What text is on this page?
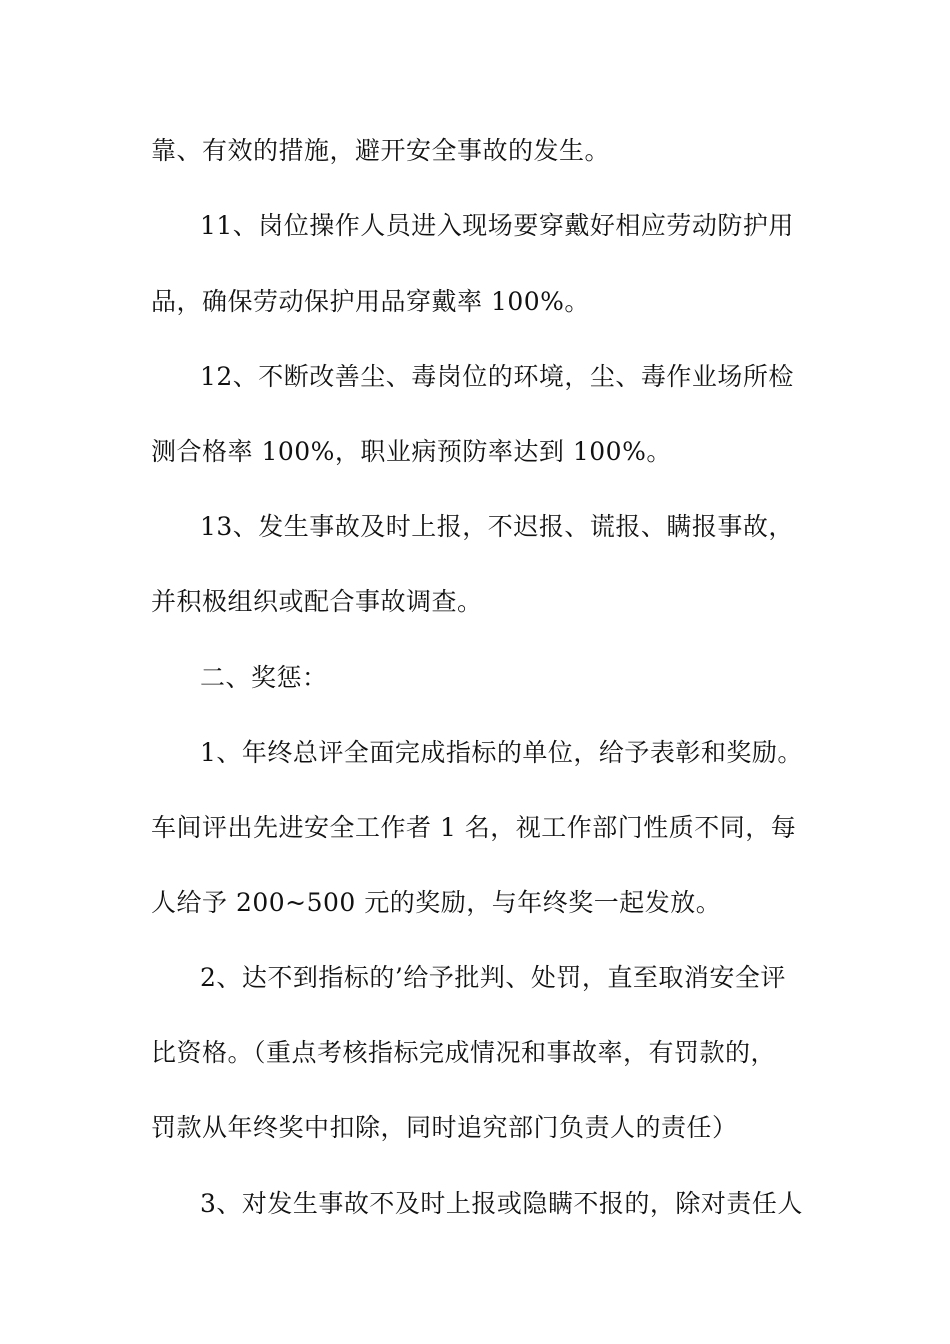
靠、有效的措施，避开安全事故的发生。
11、岗位操作人员进入现场要穿戴好相应劳动防护用
品，确保劳动保护用品穿戴率 100%。
12、不断改善尘、毒岗位的环境，尘、毒作业场所检
测合格率 100%，职业病预防率达到 100%。
13、发生事故及时上报，不迟报、谎报、瞒报事故，
并积极组织或配合事故调查。
二、奖惩：
1、年终总评全面完成指标的单位，给予表彰和奖励。
车间评出先进安全工作者 1 名，视工作部门性质不同，每
人给予 200~500 元的奖励，与年终奖一起发放。
2、达不到指标的’给予批判、处罚，直至取消安全评
比资格。（重点考核指标完成情况和事故率，有罚款的，
罚款从年终奖中扣除，同时追究部门负责人的责任）
3、对发生事故不及时上报或隐瞒不报的，除对责任人
